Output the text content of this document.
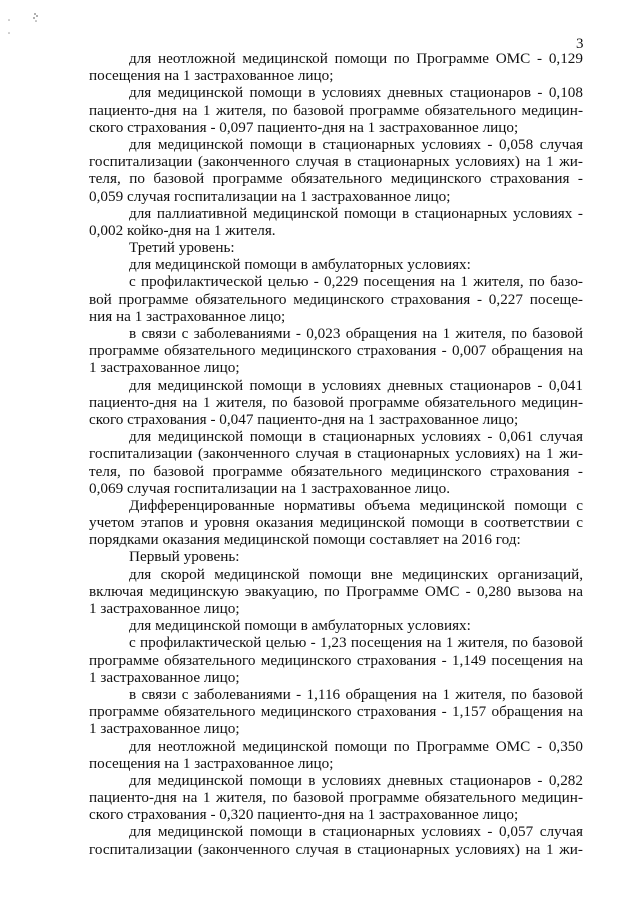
3
для неотложной медицинской помощи по Программе ОМС - 0,129
посещения на 1 застрахованное лицо;
для медицинской помощи в условиях дневных стационаров - 0,108
пациенто-дня на 1 жителя, по базовой программе обязательного медицин-
ского страхования - 0,097 пациенто-дня на 1 застрахованное лицо;
для медицинской помощи в стационарных условиях - 0,058 случая
госпитализации (законченного случая в стационарных условиях) на 1 жи-
теля, по базовой программе обязательного медицинского страхования -
0,059 случая госпитализации на 1 застрахованное лицо;
для паллиативной медицинской помощи в стационарных условиях -
0,002 койко-дня на 1 жителя.
Третий уровень:
для медицинской помощи в амбулаторных условиях:
с профилактической целью - 0,229 посещения на 1 жителя, по базо-
вой программе обязательного медицинского страхования - 0,227 посеще-
ния на 1 застрахованное лицо;
в связи с заболеваниями - 0,023 обращения на 1 жителя, по базовой
программе обязательного медицинского страхования - 0,007 обращения на
1 застрахованное лицо;
для медицинской помощи в условиях дневных стационаров - 0,041
пациенто-дня на 1 жителя, по базовой программе обязательного медицин-
ского страхования - 0,047 пациенто-дня на 1 застрахованное лицо;
для медицинской помощи в стационарных условиях - 0,061 случая
госпитализации (законченного случая в стационарных условиях) на 1 жи-
теля, по базовой программе обязательного медицинского страхования -
0,069 случая госпитализации на 1 застрахованное лицо.
Дифференцированные нормативы объема медицинской помощи с
учетом этапов и уровня оказания медицинской помощи в соответствии с
порядками оказания медицинской помощи составляет на 2016 год:
Первый уровень:
для скорой медицинской помощи вне медицинских организаций,
включая медицинскую эвакуацию, по Программе ОМС - 0,280 вызова на
1 застрахованное лицо;
для медицинской помощи в амбулаторных условиях:
с профилактической целью - 1,23 посещения на 1 жителя, по базовой
программе обязательного медицинского страхования - 1,149 посещения на
1 застрахованное лицо;
в связи с заболеваниями - 1,116 обращения на 1 жителя, по базовой
программе обязательного медицинского страхования - 1,157 обращения на
1 застрахованное лицо;
для неотложной медицинской помощи по Программе ОМС - 0,350
посещения на 1 застрахованное лицо;
для медицинской помощи в условиях дневных стационаров - 0,282
пациенто-дня на 1 жителя, по базовой программе обязательного медицин-
ского страхования - 0,320 пациенто-дня на 1 застрахованное лицо;
для медицинской помощи в стационарных условиях - 0,057 случая
госпитализации (законченного случая в стационарных условиях) на 1 жи-
